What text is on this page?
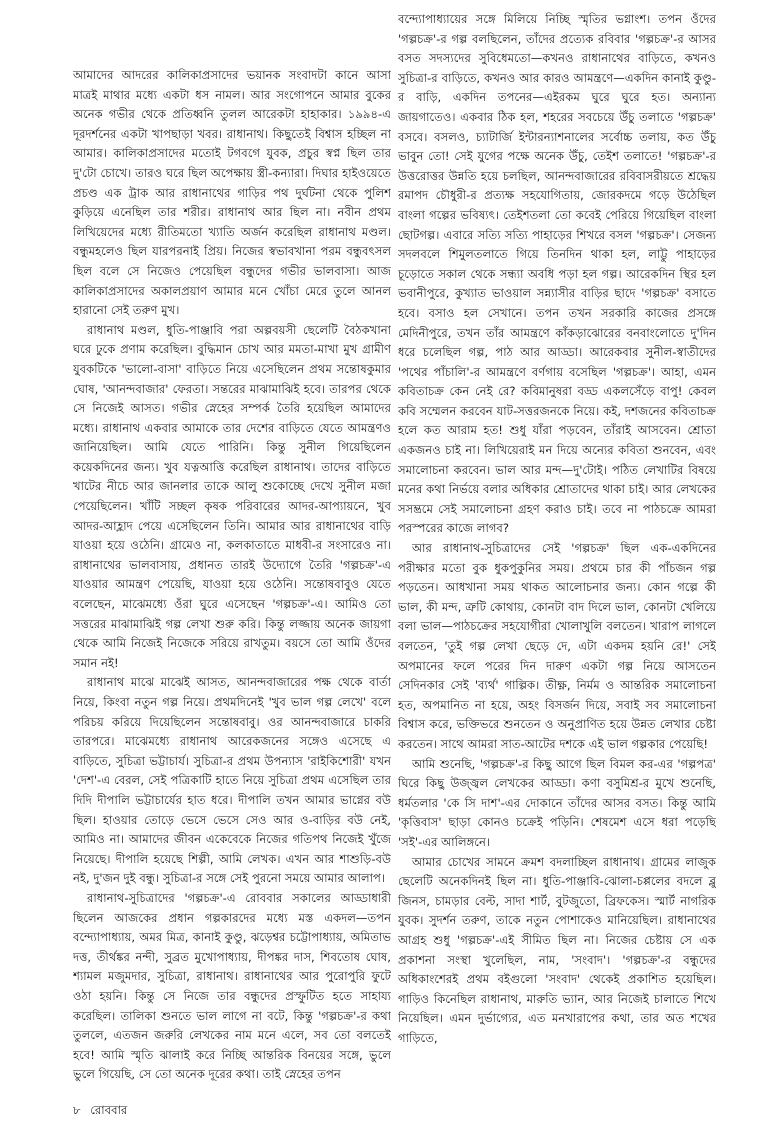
আমাদের আদরের কালিকাপ্রসাদের ভয়ানক সংবাদটা কানে আসা মাত্রই মাথার মধ্যে একটা ধস নামল। আর সংগোপনে আমার বুকের অনেক গভীর থেকে প্রতিধ্বনি তুলল আরেকটা হাহাকার। ১৯৯৪-এ দূরদর্শনের একটা খাপছাড়া খবর। রাধানাথ। কিছুতেই বিশ্বাস হচ্ছিল না আমার। কালিকাপ্রসাদের মতোই টগবগে যুবক, প্রচুর স্বপ্ন ছিল তার দু'টো চোখে। তারও ঘরে ছিল অপেক্ষায় স্ত্রী-কন্যারা। দিঘার হাইওয়েতে প্রচণ্ড এক ট্রাক আর রাধানাথের গাড়ির পথ দুর্ঘটনা থেকে পুলিশ কুড়িয়ে এনেছিল তার শরীর। রাধানাথ আর ছিল না। নবীন প্রথম লিখিয়েদের মধ্যে রীতিমতো খ্যাতি অর্জন করেছিল রাধানাথ মণ্ডল। বন্ধুমহলেও ছিল যারপরনাই প্রিয়। নিজের স্বভাবখানা পরম বন্ধুবৎসল ছিল বলে সে নিজেও পেয়েছিল বন্ধুদের গভীর ভালবাসা। আজ কালিকাপ্রসাদের অকালপ্রয়াণ আমার মনে খোঁচা মেরে তুলে আনল হারানো সেই তরুণ মুখ।

রাধানাথ মণ্ডল, ধুতি-পাঞ্জাবি পরা অল্পবয়সী ছেলেটি বৈঠকখানা ঘরে ঢুকে প্রণাম করেছিল। বুদ্ধিমান চোখ আর মমতা-মাখা মুখ গ্রামীণ যুবকটিকে 'ভালো-বাসা' বাড়িতে নিয়ে এসেছিলেন প্রথম সন্তোষকুমার ঘোষ, 'আনন্দবাজার' ফেরতা। সন্তরের মাঝামাঝিই হবে। তারপর থেকে সে নিজেই আসত। গভীর স্নেহের সম্পর্ক তৈরি হয়েছিল আমাদের মধ্যে। রাধানাথ একবার আমাকে তার দেশের বাড়িতে যেতে আমন্ত্রণও জানিয়েছিল। আমি যেতে পারিনি। কিন্তু সুনীল গিয়েছিলেন কয়েকদিনের জন্য। খুব যত্নআত্তি করেছিল রাধানাথ। তাদের বাড়িতে খাটের নীচে আর জানলার তাকে আলু শুকোচ্ছে দেখে সুনীল মজা পেয়েছিলেন। খাঁটি সচ্ছল কৃষক পরিবারের আদর-আপ্যায়নে, খুব আদর-আহ্লাদ পেয়ে এসেছিলেন তিনি। আমার আর রাধানাথের বাড়ি যাওয়া হয়ে ওঠেনি। গ্রামেও না, কলকাতাতে মাধবী-র সংসারেও না। রাধানাথের ভালবাসায়, প্রধানত তারই উদ্যোগে তৈরি 'গল্পচক্র'-এ যাওয়ার আমন্ত্রণ পেয়েছি, যাওয়া হয়ে ওঠেনি। সন্তোষবাবুও যেতে বলেছেন, মাঝেমধ্যে ওঁরা ঘুরে এসেছেন 'গল্পচক্র'-এ। আমিও তো সত্তরের মাঝামাঝিই গল্প লেখা শুরু করি। কিন্তু লজ্জায় অনেক জায়গা থেকে আমি নিজেই নিজেকে সরিয়ে রাখতুম। বয়সে তো আমি ওঁদের সমান নই!

রাধানাথ মাঝে মাঝেই আসত, আনন্দবাজারের পক্ষ থেকে বার্তা নিয়ে, কিংবা নতুন গল্প নিয়ে। প্রথমদিনেই 'খুব ভাল গল্প লেখে' বলে পরিচয় করিয়ে দিয়েছিলেন সন্তোষবাবু। ওর আনন্দবাজারে চাকরি তারপরে। মাঝেমধ্যে রাধানাথ আরেকজনের সঙ্গেও এসেছে এ বাড়িতে, সুচিত্রা ভট্টাচার্য। সুচিত্রা-র প্রথম উপন্যাস 'রাইকিশোরী' যখন 'দেশ'-এ বেরল, সেই পত্রিকাটি হাতে নিয়ে সুচিত্রা প্রথম এসেছিল তার দিদি দীপালি ভট্টাচার্যের হাত ধরে। দীপালি তখন আমার ভাগ্নের বউ ছিল। হাওয়ার তোড়ে ভেসে ভেসে সেও আর ও-বাড়ির বউ নেই, আমিও না। আমাদের জীবন একেবেকে নিজের গতিপথ নিজেই খুঁজে নিয়েছে। দীপালি হয়েছে শিল্পী, আমি লেখক। এখন আর শাশুড়ি-বউ নই, দু'জন দুই বন্ধু। সুচিত্রা-র সঙ্গে সেই পুরনো সময়ে আমার আলাপ।

রাধানাথ-সুচিত্রাদের 'গল্পচক্র'-এ রোববার সকালের আড্ডাধারী ছিলেন আজকের প্রধান গল্পকারদের মধ্যে মস্ত একদল—তপন বন্দ্যোপাধ্যায়, অমর মিত্র, কানাই কুণ্ডু, ঝড়েশ্বর চট্টোপাধ্যায়, অমিতাভ দত্ত, তীর্থঙ্কর নন্দী, সুব্রত মুখোপাধ্যায়, দীপঙ্কর দাস, শিবতোষ ঘোষ, শ্যামল মজুমদার, সুচিত্রা, রাধানাথ। রাধানাথের আর পুরোপুরি ফুটে ওঠা হয়নি। কিন্তু সে নিজে তার বন্ধুদের প্রস্ফুটিত হতে সাহায্য করেছিল। তালিকা শুনতে ভাল লাগে না বটে, কিন্তু 'গল্পচক্র'-র কথা তুললে, এতজন জরুরি লেখকের নাম মনে এলে, সব তো বলতেই হবে! আমি স্মৃতি ঝালাই করে নিচ্ছি আন্তরিক বিনয়ের সঙ্গে, ভুলে ভুলে গিয়েছি, সে তো অনেক দূরের কথা। তাই স্নেহের তপন

বন্দ্যোপাধ্যায়ের সঙ্গে মিলিয়ে নিচ্ছি স্মৃতির ভগ্নাংশ। তপন ওঁদের 'গল্পচক্র'-র গল্প বলছিলেন, তাঁদের প্রত্যেক রবিবার 'গল্পচক্র'-র আসর বসত সদস্যদের সুবিধেমতো—কখনও রাধানাথের বাড়িতে, কখনও সুচিত্রা-র বাড়িতে, কখনও আর কারও আমন্ত্রণে—একদিন কানাই কুণ্ডু-র বাড়ি, একদিন তপনের—এইরকম ঘুরে ঘুরে হত। অন্যান্য জায়গাতেও। একবার ঠিক হল, শহরের সবচেয়ে উঁচু তলাতে 'গল্পচক্র' বসবে। বসলও, চ্যাটার্জি ইন্টারন্যাশনালের সর্বোচ্চ তলায়, কত উঁচু ভাবুন তো! সেই যুগের পক্ষে অনেক উঁচু, তেইশ তলাতে! 'গল্পচক্র'-র উত্তরোত্তর উন্নতি হয়ে চলছিল, আনন্দবাজারের রবিবাসরীয়তে শ্রদ্ধেয় রমাপদ চৌধুরী-র প্রত্যক্ষ সহযোগিতায়, জোরকদমে গড়ে উঠেছিল বাংলা গল্পের ভবিষ্যৎ। তেইশতলা তো কবেই পেরিয়ে গিয়েছিল বাংলা ছোটগল্প। এবারে সত্যি সত্যি পাহাড়ের শিখরে বসল 'গল্পচক্র'। সেজন্য সদলবলে শিমুলতলাতে গিয়ে তিনদিন থাকা হল, লাট্টু পাহাড়ের চূড়োতে সকাল থেকে সন্ধ্যা অবধি পড়া হল গল্প। আরেকদিন স্থির হল ভবানীপুরে, কুখ্যাত ভাওয়াল সন্ন্যাসীর বাড়ির ছাদে 'গল্পচক্র' বসাতে হবে। বসাও হল সেখানে। তপন তখন সরকারি কাজের প্রসঙ্গে মেদিনীপুরে, তখন তাঁর আমন্ত্রণে কাঁকড়াঝোরের বনবাংলোতে দু'দিন ধরে চলেছিল গল্প, পাঠ আর আড্ডা। আরেকবার সুনীল-স্বাতীদের 'পথের পাঁচালি'-র আমন্ত্রণে বর্ণগায় বসেছিল 'গল্পচক্র'। আহা, এমন কবিতাচক্র কেন নেই রে? কবিমানুষরা বড্ড একলসেঁড়ে বাপু! কেবল কবি সম্মেলন করবেন যাট-সত্তরজনকে নিয়ে। কই, দশজনের কবিতাচক্র হলে কত আরাম হত! শুধু যাঁরা পড়বেন, তাঁরাই আসবেন। শ্রোতা একজনও চাই না। লিখিয়েরাই মন দিয়ে অন্যের কবিতা শুনবেন, এবং সমালোচনা করবেন। ভাল আর মন্দ—দু'টোই। পঠিত লেখাটির বিষয়ে মনের কথা নির্ভয়ে বলার অধিকার শ্রোতাদের থাকা চাই। আর লেখকের সসম্ভ্রমে সেই সমালোচনা গ্রহণ করাও চাই। তবে না পাঠচক্রে আমরা পরস্পরের কাজে লাগব?

আর রাধানাথ-সুচিত্রাদের সেই 'গল্পচক্র' ছিল এক-একদিনের পরীক্ষার মতো বুক ধুকপুকুনির সময়। প্রথমে চার কী পাঁচজন গল্প পড়তেন। আধখানা সময় থাকত আলোচনার জন্য। কোন গল্পে কী ভাল, কী মন্দ, ত্রুটি কোথায়, কোনটা বাদ দিলে ভাল, কোনটা খেলিয়ে বলা ভাল—পাঠচক্রের সহযোগীরা খোলাখুলি বলতেন। খারাপ লাগলে বলতেন, 'তুই গল্প লেখা ছেড়ে দে, এটা একদম হয়নি রে!' সেই অপমানের ফলে পরের দিন দারুণ একটা গল্প নিয়ে আসতেন সেদিনকার সেই 'ব্যর্থ' গাল্পিক। তীক্ষ্ণ, নির্মম ও আন্তরিক সমালোচনা হত, অপমানিত না হয়ে, অহং বিসর্জন দিয়ে, সবাই সব সমালোচনা বিশ্বাস করে, ভক্তিভরে শুনতেন ও অনুপ্রাণিত হয়ে উন্নত লেখার চেষ্টা করতেন। সাথে আমরা সাত-আটের দশকে এই ভাল গল্পকার পেয়েছি!

আমি শুনেছি, 'গল্পচক্র'-র কিছু আগে ছিল বিমল কর-এর 'গল্পপত্র' ঘিরে কিছু উজ্জ্বল লেখকের আড্ডা। কণা বসুমিশ্র-র মুখে শুনেছি, ধর্মতলার 'কে সি দাশ'-এর দোকানে তাঁদের আসর বসত। কিন্তু আমি 'কৃত্তিবাস' ছাড়া কোনও চক্রেই পড়িনি। শেষমেশ এসে ধরা পড়েছি 'সই'-এর আলিঙ্গনে।

আমার চোখের সামনে ক্রমশ বদলাচ্ছিল রাধানাথ। গ্রামের লাজুক ছেলেটি অনেকদিনই ছিল না। ধুতি-পাঞ্জাবি-ঝোলা-চপ্পলের বদলে ব্লু জিনস, চামড়ার বেল্ট, সাদা শার্ট, বুটজুতো, ব্রিফকেস। স্মার্ট নাগরিক যুবক। সুদর্শন তরুণ, তাকে নতুন পোশাকেও মানিয়েছিল। রাধানাথের আগ্রহ শুধু 'গল্পচক্র'-এই সীমিত ছিল না। নিজের চেষ্টায় সে এক প্রকাশনা সংস্থা খুলেছিল, নাম, 'সংবাদ'। 'গল্পচক্র'-র বন্ধুদের অধিকাংশেরই প্রথম বইগুলো 'সংবাদ' থেকেই প্রকাশিত হয়েছিল। গাড়িও কিনেছিল রাধানাথ, মারুতি ভ্যান, আর নিজেই চালাতে শিখে নিয়েছিল। এমন দুর্ভাগ্যের, এত মনখারাপের কথা, তার অত শখের গাড়িতে,

৮ রোববার
